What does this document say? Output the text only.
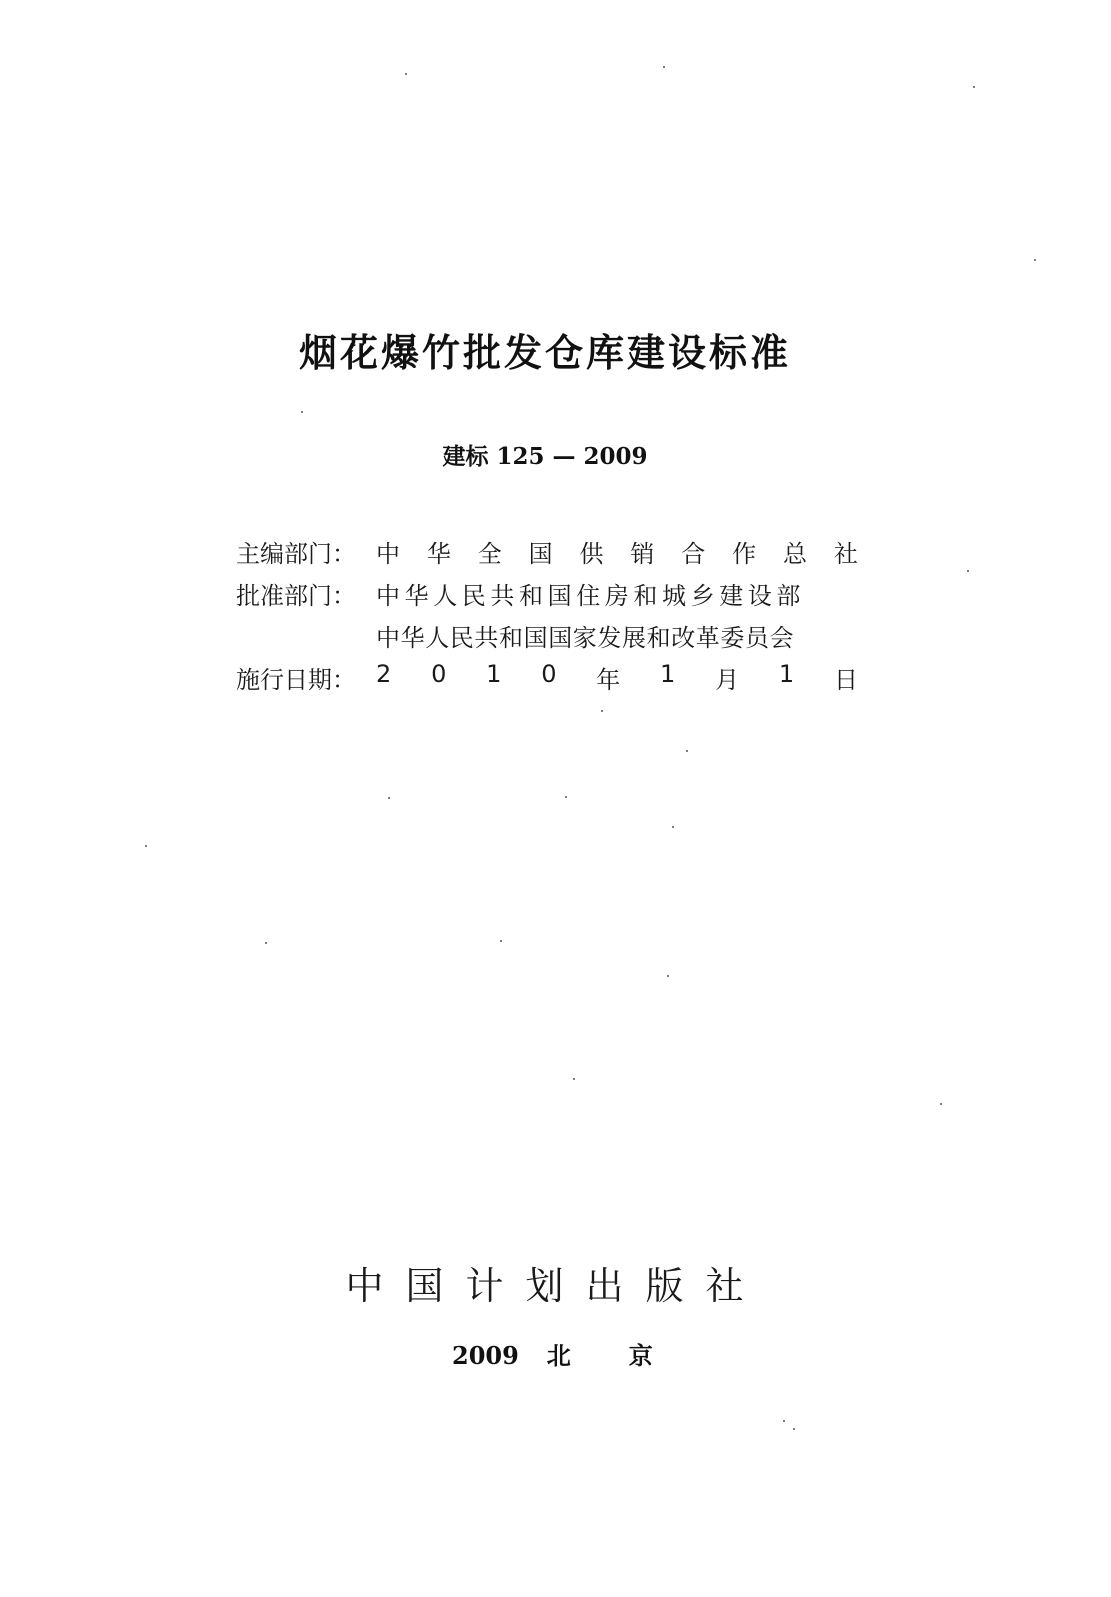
烟花爆竹批发仓库建设标准
建标 125 — 2009
主编部门： 中 华 全 国 供 销 合 作 总 社
批准部门： 中华人民共和国住房和城乡建设部
中华人民共和国国家发展和改革委员会
施行日期： 2 0 1 0 年 1 月 1 日
中国计划出版社
2009 北京
